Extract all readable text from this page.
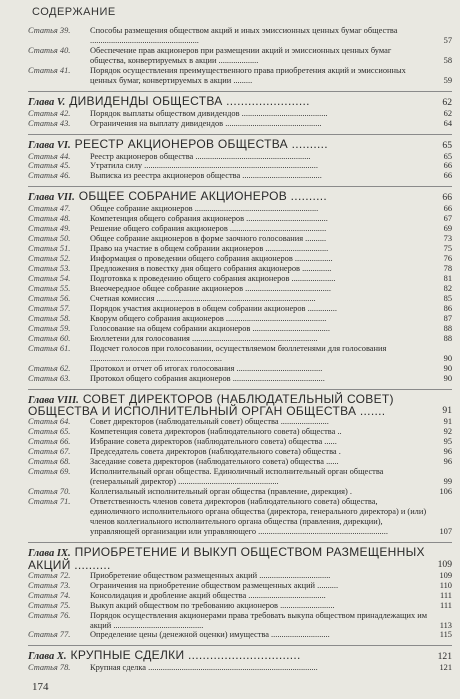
СОДЕРЖАНИЕ
Статья 39. Способы размещения обществом акций и иных эмиссионных ценных бумаг общества ....................................................	57
Статья 40. Обеспечение прав акционеров при размещении акций и эмиссионных ценных бумаг общества, конвертируемых в акции ...................	58
Статья 41. Порядок осуществления преимущественного права приобретения акций и эмиссионных ценных бумаг, конвертируемых в акции .........	59
Глава V. ДИВИДЕНДЫ ОБЩЕСТВА .......................	62
Статья 42. Порядок выплаты обществом дивидендов .........................................	62
Статья 43. Ограничения на выплату дивидендов ..............................................	64
Глава VI. РЕЕСТР АКЦИОНЕРОВ ОБЩЕСТВА ..........	65
Статья 44. Реестр акционеров общества .......................................................	65
Статья 45. Утратила силу ...................................................................................	66
Статья 46. Выписка из реестра акционеров общества ......................................	66
Глава VII. ОБЩЕЕ СОБРАНИЕ АКЦИОНЕРОВ ..........	66
Статья 47. Общее собрание акционеров ...........................................................	66
Статья 48. Компетенция общего собрания акционеров .......................................	67
Статья 49. Решение общего собрания акционеров ..............................................	69
Статья 50. Общее собрание акционеров в форме заочного голосования ..........	73
Статья 51. Право на участие в общем собрании акционеров ..............................	75
Статья 52. Информация о проведении общего собрания акционеров ..................	76
Статья 53. Предложения в повестку дня общего собрания акционеров ..............	78
Статья 54. Подготовка к проведению общего собрания акционеров .....................	81
Статья 55. Внеочередное общее собрание акционеров .........................................	82
Статья 56. Счетная комиссия ............................................................................	85
Статья 57. Порядок участия акционеров в общем собрании акционеров ..............	86
Статья 58. Кворум общего собрания акционеров ................................................	87
Статья 59. Голосование на общем собрании акционеров .....................................	88
Статья 60. Бюллетени для голосования ............................................................	88
Статья 61. Подсчет голосов при голосовании, осуществляемом бюллетенями для голосования ...............................................................	90
Статья 62. Протокол и отчет об итогах голосования .........................................	90
Статья 63. Протокол общего собрания акционеров ............................................	90
Глава VIII. СОВЕТ ДИРЕКТОРОВ (НАБЛЮДАТЕЛЬНЫЙ СОВЕТ) ОБЩЕСТВА И ИСПОЛНИТЕЛЬНЫЙ ОРГАН ОБЩЕСТВА .......	91
Статья 64. Совет директоров (наблюдательный совет) общества .......................	91
Статья 65. Компетенция совета директоров (наблюдательного совета) общества ..	92
Статья 66. Избрание совета директоров (наблюдательного совета) общества ......	95
Статья 67. Председатель совета директоров (наблюдательного совета) общества .	96
Статья 68. Заседание совета директоров (наблюдательного совета) общества ......	96
Статья 69. Исполнительный орган общества. Единоличный исполнительный орган общества (генеральный директор) ................................................	99
Статья 70. Коллегиальный исполнительный орган общества (правление, дирекция) .	106
Статья 71. Ответственность членов совета директоров (наблюдательного совета) общества, единоличного исполнительного органа общества (директора, генерального директора) и (или) членов коллегиального исполнительного органа общества (правления, дирекции), управляющей организации или управляющего ..............................................................	107
Глава IX. ПРИОБРЕТЕНИЕ И ВЫКУП ОБЩЕСТВОМ РАЗМЕЩЕННЫХ АКЦИЙ ..........	109
Статья 72. Приобретение обществом размещенных акций ..................................	109
Статья 73. Ограничения на приобретение обществом размещенных акций ..........	110
Статья 74. Консолидация и дробление акций общества .....................................	111
Статья 75. Выкуп акций обществом по требованию акционеров ..........................	111
Статья 76. Порядок осуществления акционерами права требовать выкупа обществом принадлежащих им акций ...........................................	113
Статья 77. Определение цены (денежной оценки) имущества ............................	115
Глава X. КРУПНЫЕ СДЕЛКИ ...............................	121
Статья 78. Крупная сделка .................................................................................	121
174
